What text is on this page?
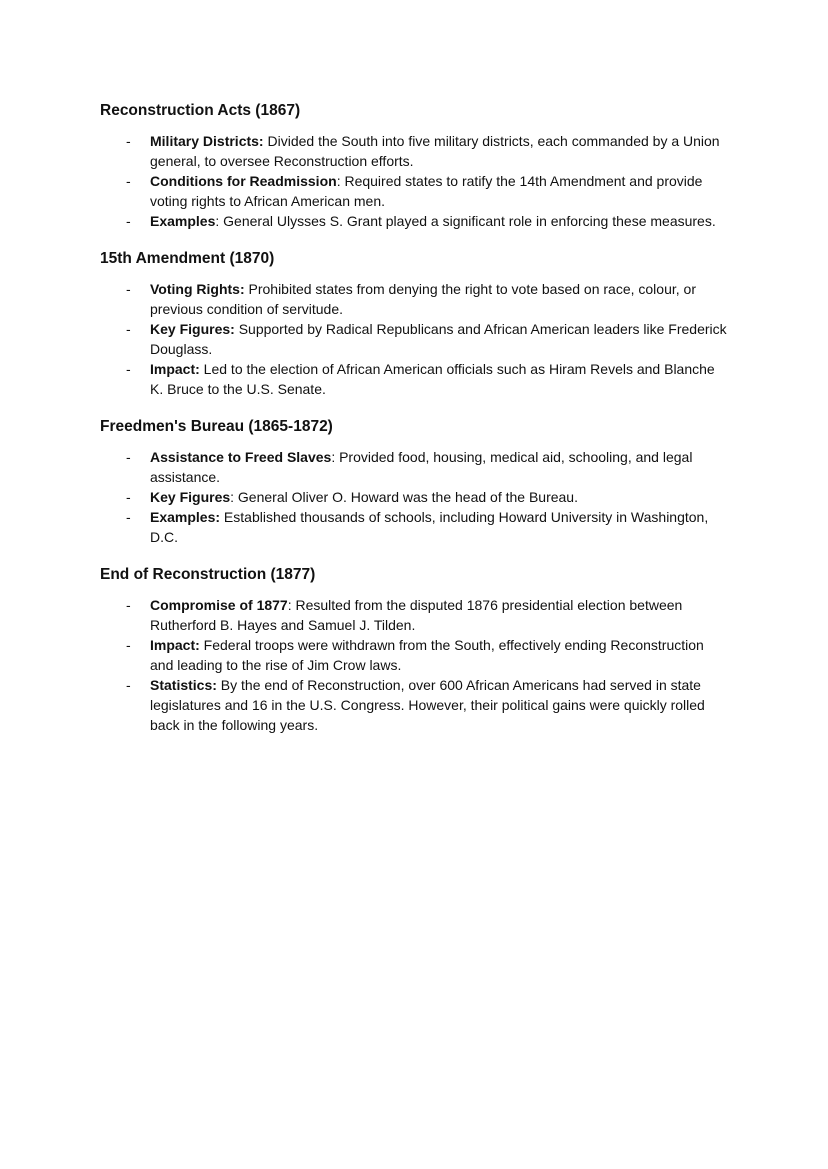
Reconstruction Acts (1867)
-	Military Districts: Divided the South into five military districts, each commanded by a Union general, to oversee Reconstruction efforts.

-	Conditions for Readmission: Required states to ratify the 14th Amendment and provide voting rights to African American men.

-	Examples: General Ulysses S. Grant played a significant role in enforcing these measures.

15th Amendment (1870)
-	Voting Rights: Prohibited states from denying the right to vote based on race, colour, or previous condition of servitude.

-	Key Figures: Supported by Radical Republicans and African American leaders like Frederick Douglass.

-	Impact: Led to the election of African American officials such as Hiram Revels and Blanche K. Bruce to the U.S. Senate.

Freedmen's Bureau (1865-1872)
-	Assistance to Freed Slaves: Provided food, housing, medical aid, schooling, and legal assistance.

-	Key Figures: General Oliver O. Howard was the head of the Bureau.

-	Examples: Established thousands of schools, including Howard University in Washington, D.C.

End of Reconstruction (1877)
-	Compromise of 1877: Resulted from the disputed 1876 presidential election between Rutherford B. Hayes and Samuel J. Tilden.

-	Impact: Federal troops were withdrawn from the South, effectively ending Reconstruction and leading to the rise of Jim Crow laws.

-	Statistics: By the end of Reconstruction, over 600 African Americans had served in state legislatures and 16 in the U.S. Congress. However, their political gains were quickly rolled back in the following years.
